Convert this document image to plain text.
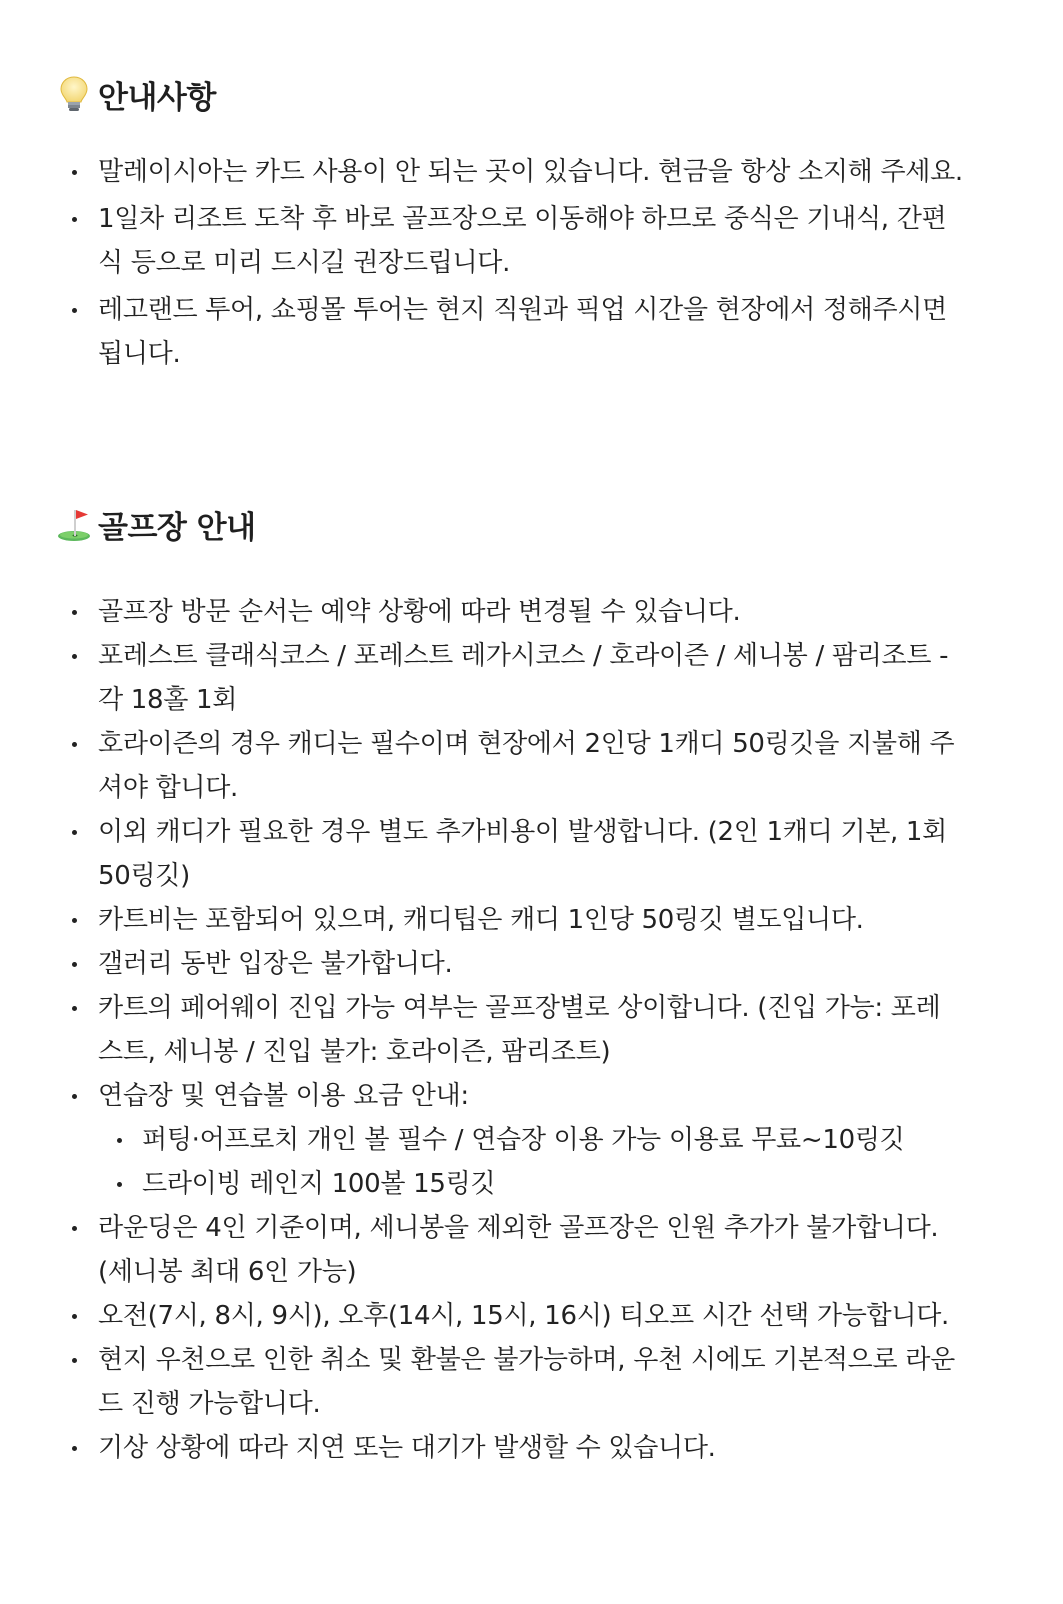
안내사항
말레이시아는 카드 사용이 안 되는 곳이 있습니다. 현금을 항상 소지해 주세요.
1일차 리조트 도착 후 바로 골프장으로 이동해야 하므로 중식은 기내식, 간편식 등으로 미리 드시길 권장드립니다.
레고랜드 투어, 쇼핑몰 투어는 현지 직원과 픽업 시간을 현장에서 정해주시면 됩니다.
골프장 안내
골프장 방문 순서는 예약 상황에 따라 변경될 수 있습니다.
포레스트 클래식코스 / 포레스트 레가시코스 / 호라이즌 / 세니봉 / 팜리조트 - 각 18홀 1회
호라이즌의 경우 캐디는 필수이며 현장에서 2인당 1캐디 50링깃을 지불해 주셔야 합니다.
이외 캐디가 필요한 경우 별도 추가비용이 발생합니다. (2인 1캐디 기본, 1회 50링깃)
카트비는 포함되어 있으며, 캐디팁은 캐디 1인당 50링깃 별도입니다.
갤러리 동반 입장은 불가합니다.
카트의 페어웨이 진입 가능 여부는 골프장별로 상이합니다. (진입 가능: 포레스트, 세니봉 / 진입 불가: 호라이즌, 팜리조트)
연습장 및 연습볼 이용 요금 안내:
퍼팅·어프로치 개인 볼 필수 / 연습장 이용 가능 이용료 무료~10링깃
드라이빙 레인지 100볼 15링깃
라운딩은 4인 기준이며, 세니봉을 제외한 골프장은 인원 추가가 불가합니다. (세니봉 최대 6인 가능)
오전(7시, 8시, 9시), 오후(14시, 15시, 16시) 티오프 시간 선택 가능합니다.
현지 우천으로 인한 취소 및 환불은 불가능하며, 우천 시에도 기본적으로 라운드 진행 가능합니다.
기상 상황에 따라 지연 또는 대기가 발생할 수 있습니다.
